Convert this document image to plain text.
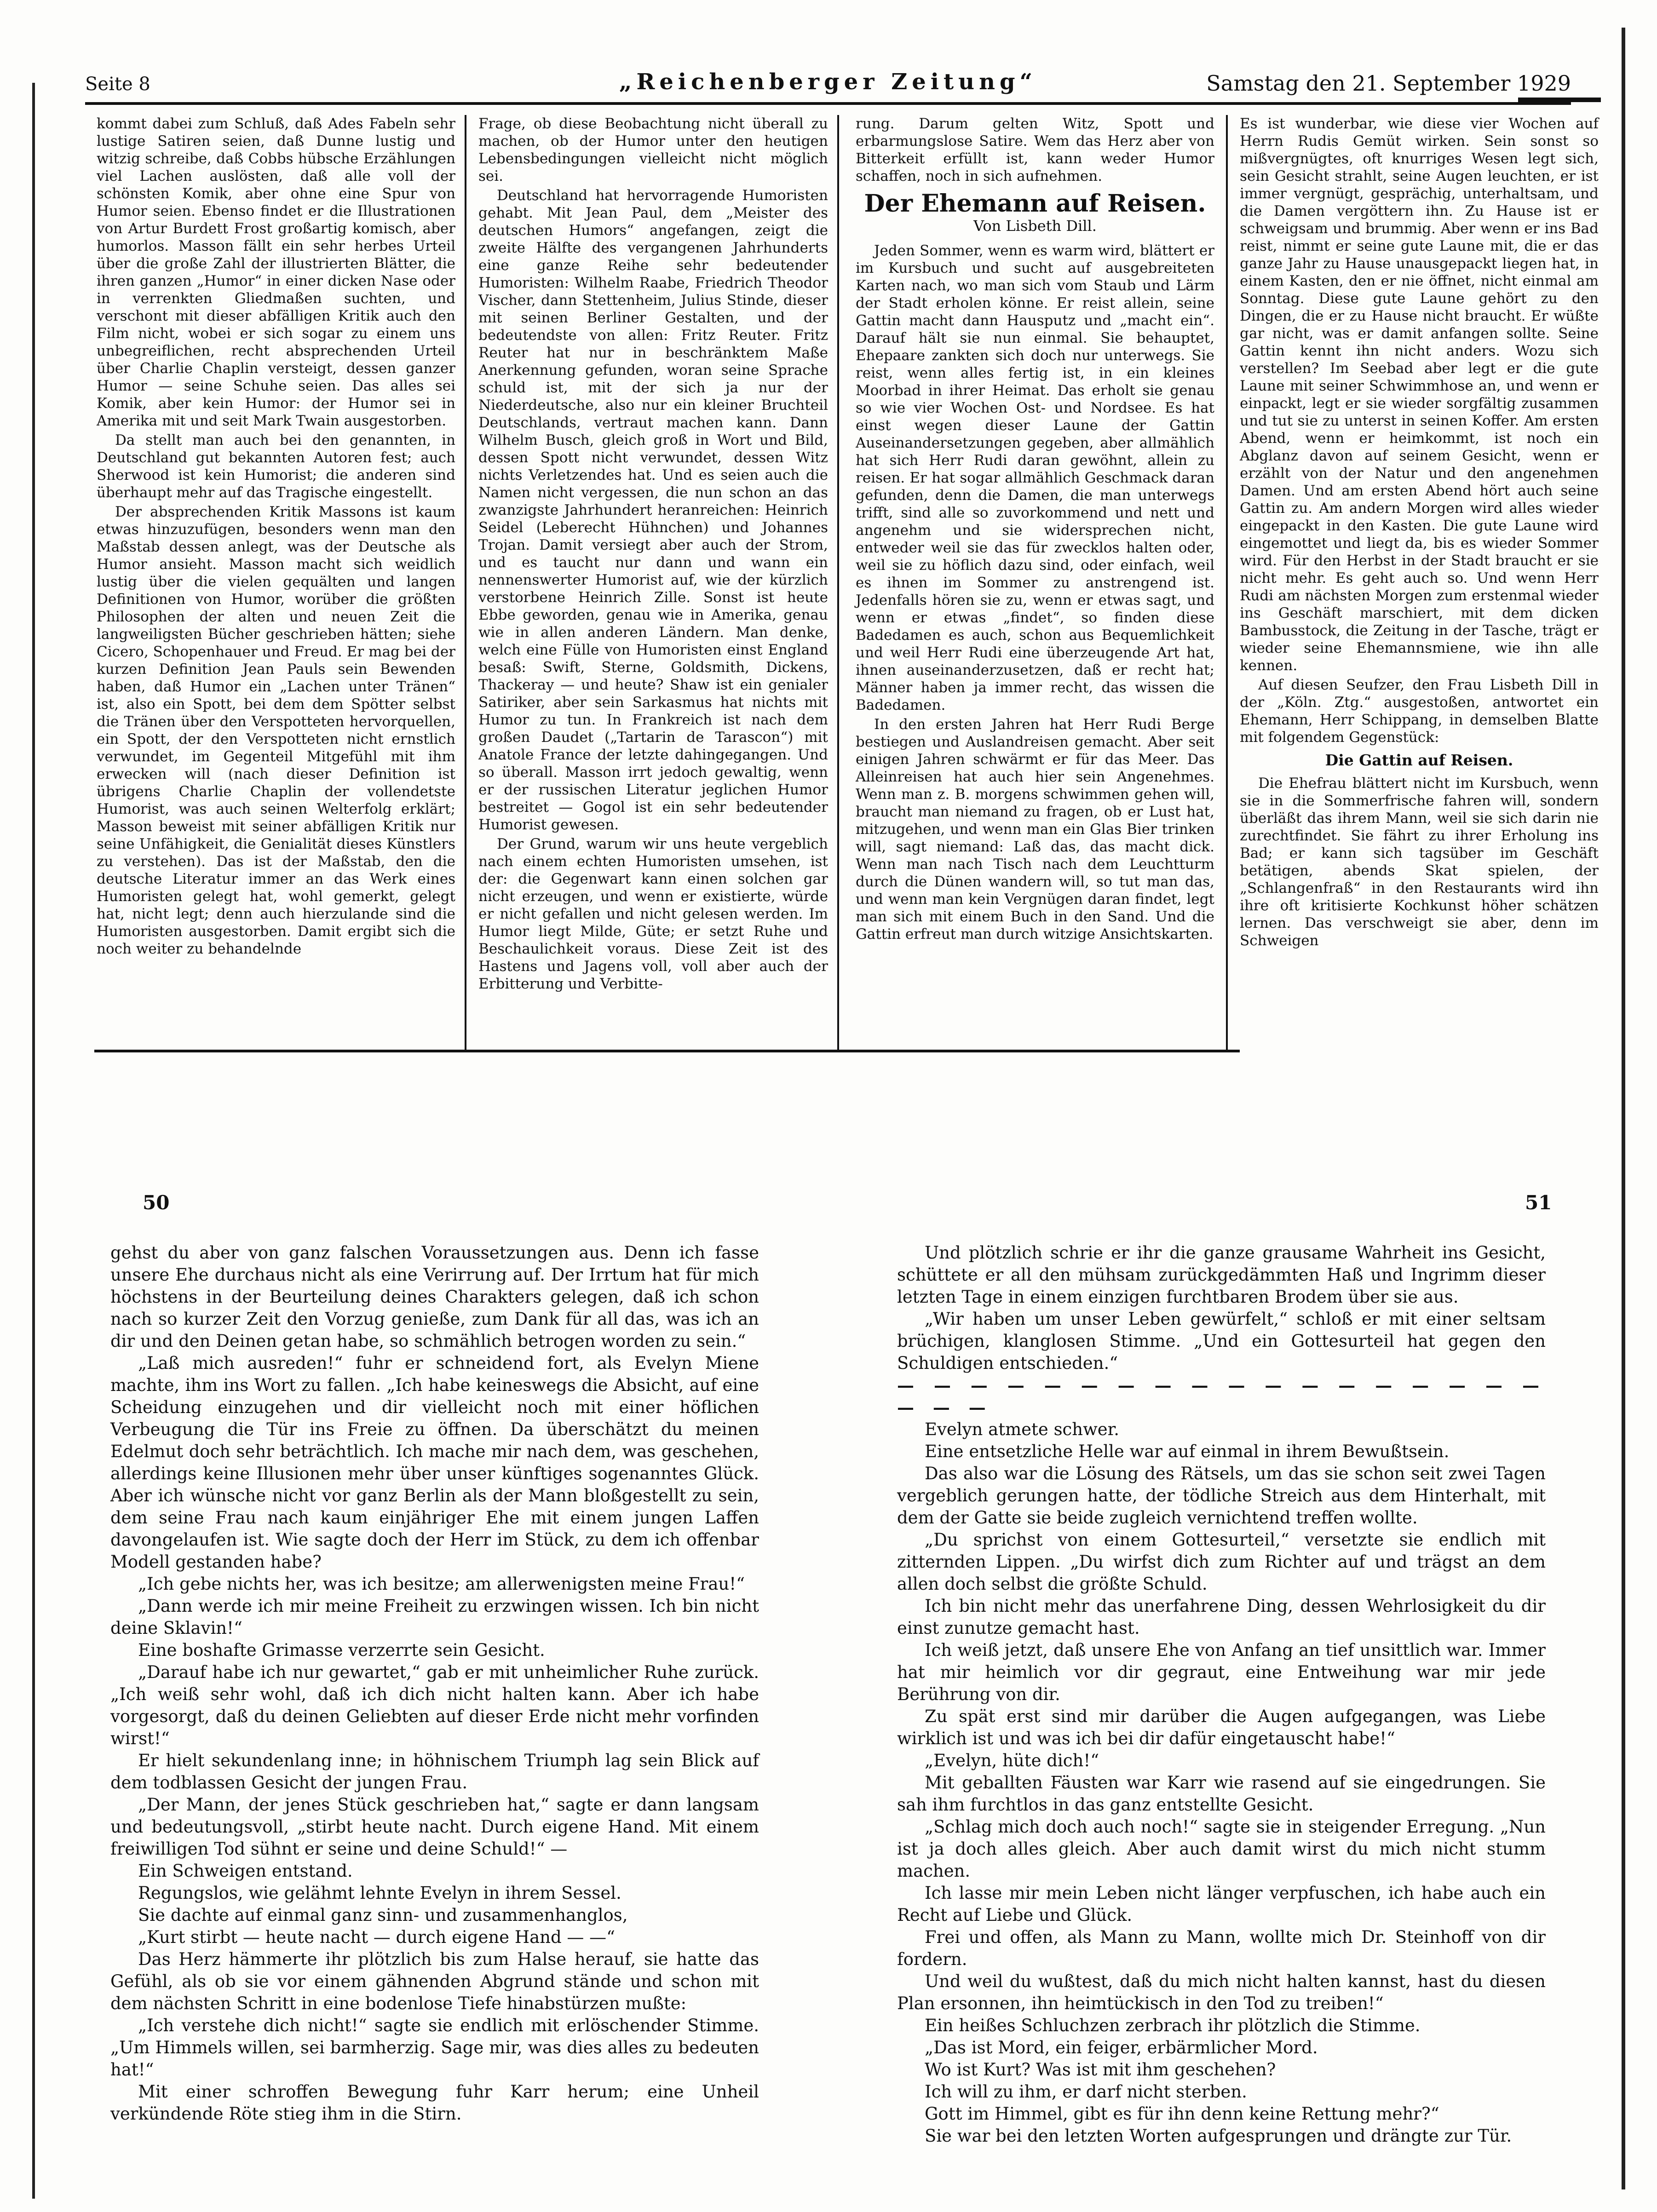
Seite 8	„Reichenberger Zeitung“	Samstag den 21. September 1929

kommt dabei zum Schluß, daß Ades Fabeln sehr lustige Satiren seien, daß Dunne lustig und witzig schreibe, daß Cobbs hübsche Erzählungen viel Lachen auslösten, daß alle voll der schönsten Komik, aber ohne eine Spur von Humor seien. Ebenso findet er die Illustrationen von Artur Burdett Frost großartig komisch, aber humorlos. Masson fällt ein sehr herbes Urteil über die große Zahl der illustrierten Blätter, die ihren ganzen „Humor“ in einer dicken Nase oder in verrenkten Gliedmaßen suchten, und verschont mit dieser abfälligen Kritik auch den Film nicht, wobei er sich sogar zu einem uns unbegreiflichen, recht absprechenden Urteil über Charlie Chaplin versteigt, dessen ganzer Humor — seine Schuhe seien. Das alles sei Komik, aber kein Humor: der Humor sei in Amerika mit und seit Mark Twain ausgestorben.

Da stellt man auch bei den genannten, in Deutschland gut bekannten Autoren fest; auch Sherwood ist kein Humorist; die anderen sind überhaupt mehr auf das Tragische eingestellt.

Der absprechenden Kritik Massons ist kaum etwas hinzuzufügen, besonders wenn man den Maßstab dessen anlegt, was der Deutsche als Humor ansieht. Masson macht sich weidlich lustig über die vielen gequälten und langen Definitionen von Humor, worüber die größten Philosophen der alten und neuen Zeit die langweiligsten Bücher geschrieben hätten; siehe Cicero, Schopenhauer und Freud. Er mag bei der kurzen Definition Jean Pauls sein Bewenden haben, daß Humor ein „Lachen unter Tränen“ ist, also ein Spott, bei dem dem Spötter selbst die Tränen über den Verspotteten hervorquellen, ein Spott, der den Verspotteten nicht ernstlich verwundet, im Gegenteil Mitgefühl mit ihm erwecken will (nach dieser Definition ist übrigens Charlie Chaplin der vollendetste Humorist, was auch seinen Welterfolg erklärt; Masson beweist mit seiner abfälligen Kritik nur seine Unfähigkeit, die Genialität dieses Künstlers zu verstehen). Das ist der Maßstab, den die deutsche Literatur immer an das Werk eines Humoristen gelegt hat, wohl gemerkt, gelegt hat, nicht legt; denn auch hierzulande sind die Humoristen ausgestorben. Damit ergibt sich die noch weiter zu behandelnde

Frage, ob diese Beobachtung nicht überall zu machen, ob der Humor unter den heutigen Lebensbedingungen vielleicht nicht möglich sei.

Deutschland hat hervorragende Humoristen gehabt. Mit Jean Paul, dem „Meister des deutschen Humors“ angefangen, zeigt die zweite Hälfte des vergangenen Jahrhunderts eine ganze Reihe sehr bedeutender Humoristen: Wilhelm Raabe, Friedrich Theodor Vischer, dann Stettenheim, Julius Stinde, dieser mit seinen Berliner Gestalten, und der bedeutendste von allen: Fritz Reuter. Fritz Reuter hat nur in beschränktem Maße Anerkennung gefunden, woran seine Sprache schuld ist, mit der sich ja nur der Niederdeutsche, also nur ein kleiner Bruchteil Deutschlands, vertraut machen kann. Dann Wilhelm Busch, gleich groß in Wort und Bild, dessen Spott nicht verwundet, dessen Witz nichts Verletzendes hat. Und es seien auch die Namen nicht vergessen, die nun schon an das zwanzigste Jahrhundert heranreichen: Heinrich Seidel (Leberecht Hühnchen) und Johannes Trojan. Damit versiegt aber auch der Strom, und es taucht nur dann und wann ein nennenswerter Humorist auf, wie der kürzlich verstorbene Heinrich Zille. Sonst ist heute Ebbe geworden, genau wie in Amerika, genau wie in allen anderen Ländern. Man denke, welch eine Fülle von Humoristen einst England besaß: Swift, Sterne, Goldsmith, Dickens, Thackeray — und heute? Shaw ist ein genialer Satiriker, aber sein Sarkasmus hat nichts mit Humor zu tun. In Frankreich ist nach dem großen Daudet („Tartarin de Tarascon“) mit Anatole France der letzte dahingegangen. Und so überall. Masson irrt jedoch gewaltig, wenn er der russischen Literatur jeglichen Humor bestreitet — Gogol ist ein sehr bedeutender Humorist gewesen.

Der Grund, warum wir uns heute vergeblich nach einem echten Humoristen umsehen, ist der: die Gegenwart kann einen solchen gar nicht erzeugen, und wenn er existierte, würde er nicht gefallen und nicht gelesen werden. Im Humor liegt Milde, Güte; er setzt Ruhe und Beschaulichkeit voraus. Diese Zeit ist des Hastens und Jagens voll, voll aber auch der Erbitterung und Verbitte-

rung. Darum gelten Witz, Spott und erbarmungslose Satire. Wem das Herz aber von Bitterkeit erfüllt ist, kann weder Humor schaffen, noch in sich aufnehmen.

Der Ehemann auf Reisen.
Von Lisbeth Dill.

Jeden Sommer, wenn es warm wird, blättert er im Kursbuch und sucht auf ausgebreiteten Karten nach, wo man sich vom Staub und Lärm der Stadt erholen könne. Er reist allein, seine Gattin macht dann Hausputz und „macht ein“. Darauf hält sie nun einmal. Sie behauptet, Ehepaare zankten sich doch nur unterwegs. Sie reist, wenn alles fertig ist, in ein kleines Moorbad in ihrer Heimat. Das erholt sie genau so wie vier Wochen Ost- und Nordsee. Es hat einst wegen dieser Laune der Gattin Auseinandersetzungen gegeben, aber allmählich hat sich Herr Rudi daran gewöhnt, allein zu reisen. Er hat sogar allmählich Geschmack daran gefunden, denn die Damen, die man unterwegs trifft, sind alle so zuvorkommend und nett und angenehm und sie widersprechen nicht, entweder weil sie das für zwecklos halten oder, weil sie zu höflich dazu sind, oder einfach, weil es ihnen im Sommer zu anstrengend ist. Jedenfalls hören sie zu, wenn er etwas sagt, und wenn er etwas „findet“, so finden diese Badedamen es auch, schon aus Bequemlichkeit und weil Herr Rudi eine überzeugende Art hat, ihnen auseinanderzusetzen, daß er recht hat; Männer haben ja immer recht, das wissen die Badedamen.

In den ersten Jahren hat Herr Rudi Berge bestiegen und Auslandreisen gemacht. Aber seit einigen Jahren schwärmt er für das Meer. Das Alleinreisen hat auch hier sein Angenehmes. Wenn man z. B. morgens schwimmen gehen will, braucht man niemand zu fragen, ob er Lust hat, mitzugehen, und wenn man ein Glas Bier trinken will, sagt niemand: Laß das, das macht dick. Wenn man nach Tisch nach dem Leuchtturm durch die Dünen wandern will, so tut man das, und wenn man kein Vergnügen daran findet, legt man sich mit einem Buch in den Sand. Und die Gattin erfreut man durch witzige Ansichtskarten.

Es ist wunderbar, wie diese vier Wochen auf Herrn Rudis Gemüt wirken. Sein sonst so mißvergnügtes, oft knurriges Wesen legt sich, sein Gesicht strahlt, seine Augen leuchten, er ist immer vergnügt, gesprächig, unterhaltsam, und die Damen vergöttern ihn. Zu Hause ist er schweigsam und brummig. Aber wenn er ins Bad reist, nimmt er seine gute Laune mit, die er das ganze Jahr zu Hause unausgepackt liegen hat, in einem Kasten, den er nie öffnet, nicht einmal am Sonntag. Diese gute Laune gehört zu den Dingen, die er zu Hause nicht braucht. Er wüßte gar nicht, was er damit anfangen sollte. Seine Gattin kennt ihn nicht anders. Wozu sich verstellen? Im Seebad aber legt er die gute Laune mit seiner Schwimmhose an, und wenn er einpackt, legt er sie wieder sorgfältig zusammen und tut sie zu unterst in seinen Koffer. Am ersten Abend, wenn er heimkommt, ist noch ein Abglanz davon auf seinem Gesicht, wenn er erzählt von der Natur und den angenehmen Damen. Und am ersten Abend hört auch seine Gattin zu. Am andern Morgen wird alles wieder eingepackt in den Kasten. Die gute Laune wird eingemottet und liegt da, bis es wieder Sommer wird. Für den Herbst in der Stadt braucht er sie nicht mehr. Es geht auch so. Und wenn Herr Rudi am nächsten Morgen zum erstenmal wieder ins Geschäft marschiert, mit dem dicken Bambusstock, die Zeitung in der Tasche, trägt er wieder seine Ehemannsmiene, wie ihn alle kennen.

Auf diesen Seufzer, den Frau Lisbeth Dill in der „Köln. Ztg.“ ausgestoßen, antwortet ein Ehemann, Herr Schippang, in demselben Blatte mit folgendem Gegenstück:

Die Gattin auf Reisen.

Die Ehefrau blättert nicht im Kursbuch, wenn sie in die Sommerfrische fahren will, sondern überläßt das ihrem Mann, weil sie sich darin nie zurechtfindet. Sie fährt zu ihrer Erholung ins Bad; er kann sich tagsüber im Geschäft betätigen, abends Skat spielen, der „Schlangenfraß“ in den Restaurants wird ihn ihre oft kritisierte Kochkunst höher schätzen lernen. Das verschweigt sie aber, denn im Schweigen

50	51

gehst du aber von ganz falschen Voraussetzungen aus. Denn ich fasse unsere Ehe durchaus nicht als eine Verirrung auf. Der Irrtum hat für mich höchstens in der Beurteilung deines Charakters gelegen, daß ich schon nach so kurzer Zeit den Vorzug genieße, zum Dank für all das, was ich an dir und den Deinen getan habe, so schmählich betrogen worden zu sein.“

„Laß mich ausreden!“ fuhr er schneidend fort, als Evelyn Miene machte, ihm ins Wort zu fallen. „Ich habe keineswegs die Absicht, auf eine Scheidung einzugehen und dir vielleicht noch mit einer höflichen Verbeugung die Tür ins Freie zu öffnen. Da überschätzt du meinen Edelmut doch sehr beträchtlich. Ich mache mir nach dem, was geschehen, allerdings keine Illusionen mehr über unser künftiges sogenanntes Glück. Aber ich wünsche nicht vor ganz Berlin als der Mann bloßgestellt zu sein, dem seine Frau nach kaum einjähriger Ehe mit einem jungen Laffen davongelaufen ist. Wie sagte doch der Herr im Stück, zu dem ich offenbar Modell gestanden habe?

„Ich gebe nichts her, was ich besitze; am allerwenigsten meine Frau!“

„Dann werde ich mir meine Freiheit zu erzwingen wissen. Ich bin nicht deine Sklavin!“

Eine boshafte Grimasse verzerrte sein Gesicht.

„Darauf habe ich nur gewartet,“ gab er mit unheimlicher Ruhe zurück. „Ich weiß sehr wohl, daß ich dich nicht halten kann. Aber ich habe vorgesorgt, daß du deinen Geliebten auf dieser Erde nicht mehr vorfinden wirst!“

Er hielt sekundenlang inne; in höhnischem Triumph lag sein Blick auf dem todblassen Gesicht der jungen Frau.

„Der Mann, der jenes Stück geschrieben hat,“ sagte er dann langsam und bedeutungsvoll, „stirbt heute nacht. Durch eigene Hand. Mit einem freiwilligen Tod sühnt er seine und deine Schuld!“ —

Ein Schweigen entstand.

Regungslos, wie gelähmt lehnte Evelyn in ihrem Sessel.

Sie dachte auf einmal ganz sinn- und zusammenhanglos,

„Kurt stirbt — heute nacht — durch eigene Hand — —“

Das Herz hämmerte ihr plötzlich bis zum Halse herauf, sie hatte das Gefühl, als ob sie vor einem gähnenden Abgrund stände und schon mit dem nächsten Schritt in eine bodenlose Tiefe hinabstürzen mußte:

„Ich verstehe dich nicht!“ sagte sie endlich mit erlöschender Stimme. „Um Himmels willen, sei barmherzig. Sage mir, was dies alles zu bedeuten hat!“

Mit einer schroffen Bewegung fuhr Karr herum; eine Unheil verkündende Röte stieg ihm in die Stirn.

Und plötzlich schrie er ihr die ganze grausame Wahrheit ins Gesicht, schüttete er all den mühsam zurückgedämmten Haß und Ingrimm dieser letzten Tage in einem einzigen furchtbaren Brodem über sie aus.

„Wir haben um unser Leben gewürfelt,“ schloß er mit einer seltsam brüchigen, klanglosen Stimme. „Und ein Gottesurteil hat gegen den Schuldigen entschieden.“

— — — — — — — — — — — — — — — — — — — — —

Evelyn atmete schwer.

Eine entsetzliche Helle war auf einmal in ihrem Bewußtsein.

Das also war die Lösung des Rätsels, um das sie schon seit zwei Tagen vergeblich gerungen hatte, der tödliche Streich aus dem Hinterhalt, mit dem der Gatte sie beide zugleich vernichtend treffen wollte.

„Du sprichst von einem Gottesurteil,“ versetzte sie endlich mit zitternden Lippen. „Du wirfst dich zum Richter auf und trägst an dem allen doch selbst die größte Schuld.

Ich bin nicht mehr das unerfahrene Ding, dessen Wehrlosigkeit du dir einst zunutze gemacht hast.

Ich weiß jetzt, daß unsere Ehe von Anfang an tief unsittlich war. Immer hat mir heimlich vor dir gegraut, eine Entweihung war mir jede Berührung von dir.

Zu spät erst sind mir darüber die Augen aufgegangen, was Liebe wirklich ist und was ich bei dir dafür eingetauscht habe!“

„Evelyn, hüte dich!“

Mit geballten Fäusten war Karr wie rasend auf sie eingedrungen. Sie sah ihm furchtlos in das ganz entstellte Gesicht.

„Schlag mich doch auch noch!“ sagte sie in steigender Erregung. „Nun ist ja doch alles gleich. Aber auch damit wirst du mich nicht stumm machen.

Ich lasse mir mein Leben nicht länger verpfuschen, ich habe auch ein Recht auf Liebe und Glück.

Frei und offen, als Mann zu Mann, wollte mich Dr. Steinhoff von dir fordern.

Und weil du wußtest, daß du mich nicht halten kannst, hast du diesen Plan ersonnen, ihn heimtückisch in den Tod zu treiben!“

Ein heißes Schluchzen zerbrach ihr plötzlich die Stimme.

„Das ist Mord, ein feiger, erbärmlicher Mord.

Wo ist Kurt? Was ist mit ihm geschehen?

Ich will zu ihm, er darf nicht sterben.

Gott im Himmel, gibt es für ihn denn keine Rettung mehr?“

Sie war bei den letzten Worten aufgesprungen und drängte zur Tür.
